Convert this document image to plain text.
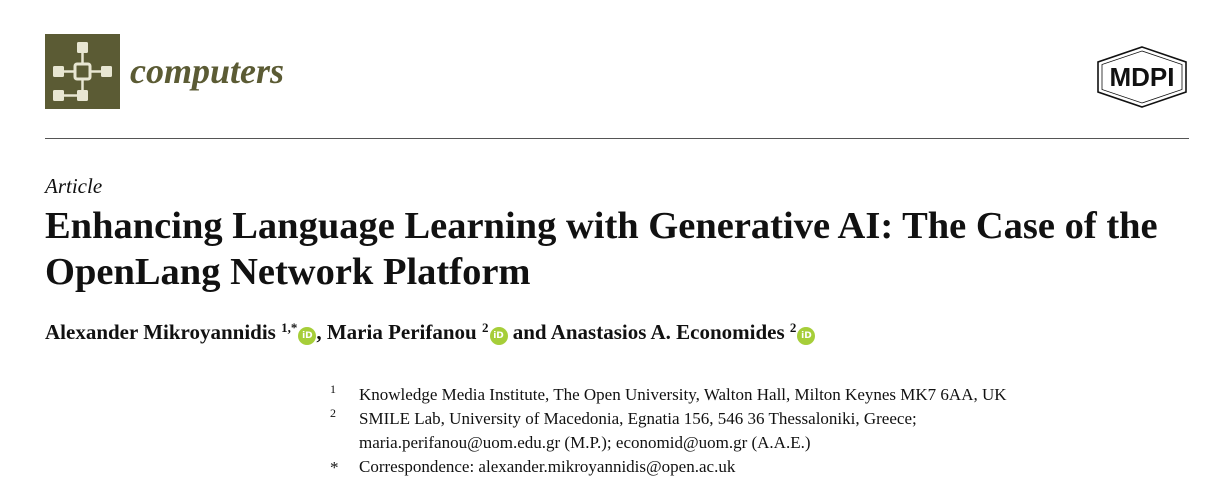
computers	MDPI
Article
Enhancing Language Learning with Generative AI: The Case of the OpenLang Network Platform
Alexander Mikroyannidis $^{1,*}$iD , Maria Perifanou $^2$iD and Anastasios A. Economides $^2$iD
1	Knowledge Media Institute, The Open University, Walton Hall, Milton Keynes MK7 6AA, UK
2	SMILE Lab, University of Macedonia, Egnatia 156, 546 36 Thessaloniki, Greece;
maria.perifanou@uom.edu.gr (M.P.); economid@uom.gr (A.A.E.)
*	Correspondence: alexander.mikroyannidis@open.ac.uk
